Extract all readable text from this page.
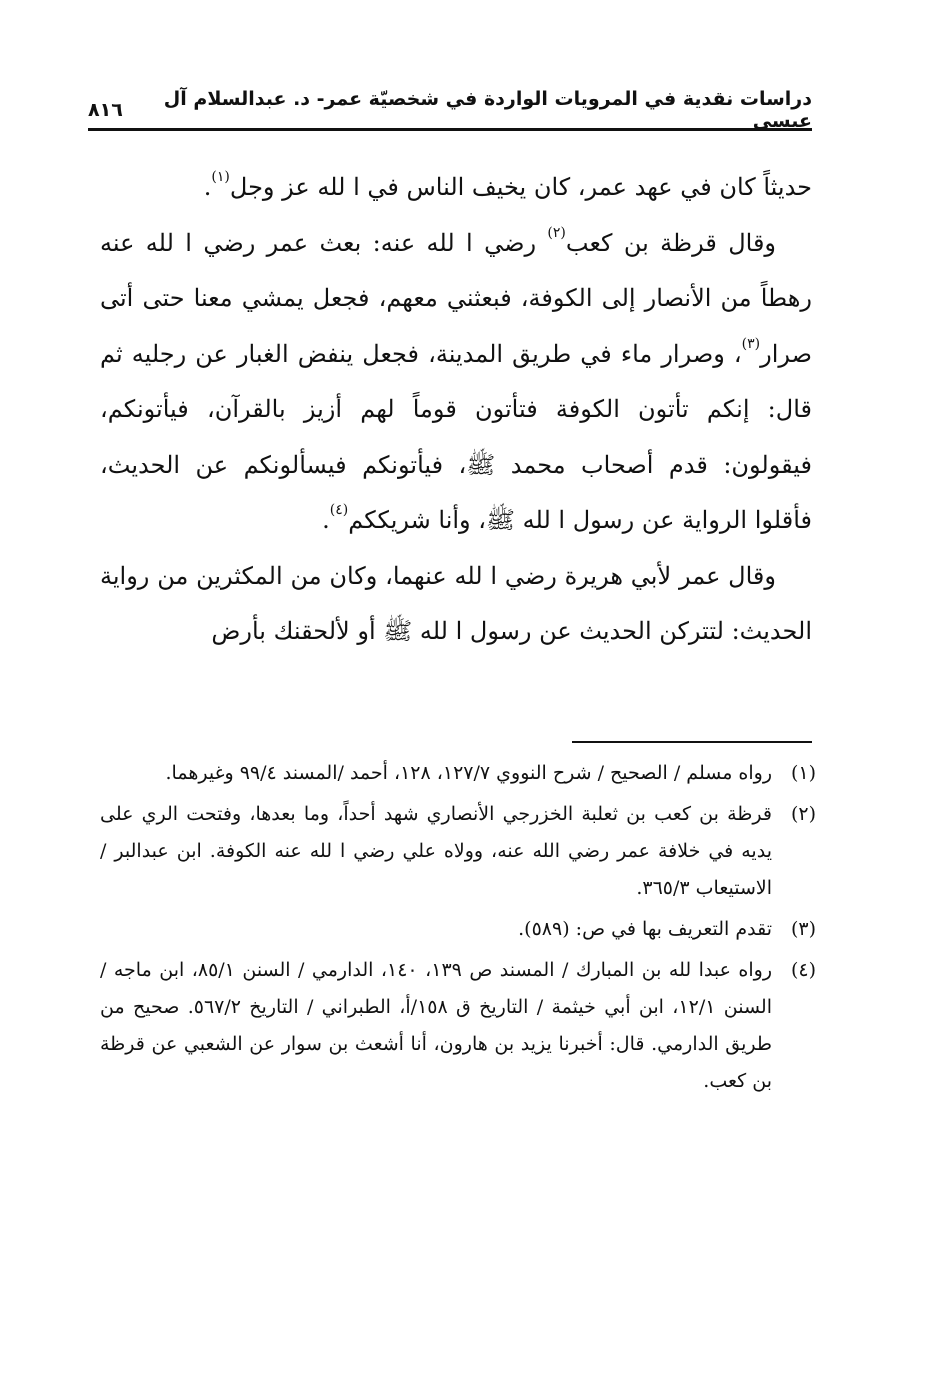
دراسات نقدية في المرويات الواردة في شخصيّة عمر- د. عبدالسلام آل عيسى
٨١٦

حديثاً كان في عهد عمر، كان يخيف الناس في ا لله عز وجل$^{(١)}$.

وقال قرظة بن كعب$^{(٢)}$ رضي ا لله عنه: بعث عمر رضي ا لله عنه رهطاً من الأنصار إلى الكوفة، فبعثني معهم، فجعل يمشي معنا حتى أتى صرار$^{(٣)}$، وصرار ماء في طريق المدينة، فجعل ينفض الغبار عن رجليه ثم قال: إنكم تأتون الكوفة فتأتون قوماً لهم أزيز بالقرآن، فيأتونكم، فيقولون: قدم أصحاب محمد ﷺ، فيأتونكم فيسألونكم عن الحديث، فأقلوا الرواية عن رسول ا لله ﷺ، وأنا شريككم$^{(٤)}$.

وقال عمر لأبي هريرة رضي ا لله عنهما، وكان من المكثرين من رواية الحديث: لتتركن الحديث عن رسول ا لله ﷺ أو لألحقنك بأرض

(١)
رواه مسلم / الصحيح / شرح النووي ١٢٧/٧، ١٢٨، أحمد /المسند ٩٩/٤ وغيرهما.
(٢)
قرظة بن كعب بن ثعلبة الخزرجي الأنصاري شهد أحداً، وما بعدها، وفتحت الري على يديه في خلافة عمر رضي الله عنه، وولاه علي رضي ا لله عنه الكوفة. ابن عبدالبر / الاستيعاب ٣٦٥/٣.
(٣)
تقدم التعريف بها في ص: (٥٨٩).
(٤)
رواه عبدا لله بن المبارك / المسند ص ١٣٩، ١٤٠، الدارمي / السنن ٨٥/١، ابن ماجه / السنن ١٢/١، ابن أبي خيثمة / التاريخ ق ١٥٨/أ، الطبراني / التاريخ ٥٦٧/٢. صحيح من طريق الدارمي. قال: أخبرنا يزيد بن هارون، أنا أشعث بن سوار عن الشعبي عن قرظة بن كعب.
